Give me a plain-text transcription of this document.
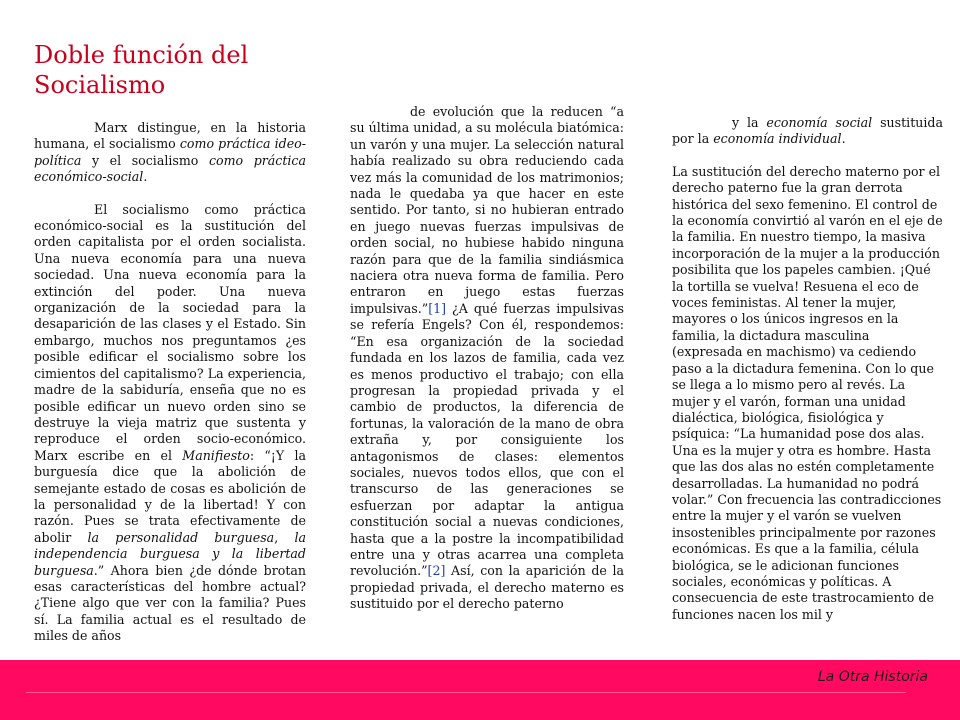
Doble función del
Socialismo

Marx distingue, en la historia humana, el socialismo como práctica ideo-política y el socialismo como práctica económico-social.

El socialismo como práctica económico-social es la sustitución del orden capitalista por el orden socialista. Una nueva economía para una nueva sociedad. Una nueva economía para la extinción del poder. Una nueva organización de la sociedad para la desaparición de las clases y el Estado. Sin embargo, muchos nos preguntamos ¿es posible edificar el socialismo sobre los cimientos del capitalismo? La experiencia, madre de la sabiduría, enseña que no es posible edificar un nuevo orden sino se destruye la vieja matriz que sustenta y reproduce el orden socio-económico. Marx escribe en el Manifiesto: “¡Y la burguesía dice que la abolición de semejante estado de cosas es abolición de la personalidad y de la libertad! Y con razón. Pues se trata efectivamente de abolir la personalidad burguesa, la independencia burguesa y la libertad burguesa.” Ahora bien ¿de dónde brotan esas características del hombre actual? ¿Tiene algo que ver con la familia? Pues sí. La familia actual es el resultado de miles de años

de evolución que la reducen “a su última unidad, a su molécula biatómica: un varón y una mujer. La selección natural había realizado su obra reduciendo cada vez más la comunidad de los matrimonios; nada le quedaba ya que hacer en este sentido. Por tanto, si no hubieran entrado en juego nuevas fuerzas impulsivas de orden social, no hubiese habido ninguna razón para que de la familia sindiásmica naciera otra nueva forma de familia. Pero entraron en juego estas fuerzas impulsivas.”[1] ¿A qué fuerzas impulsivas se refería Engels? Con él, respondemos: “En esa organización de la sociedad fundada en los lazos de familia, cada vez es menos productivo el trabajo; con ella progresan la propiedad privada y el cambio de productos, la diferencia de fortunas, la valoración de la mano de obra extraña y, por consiguiente los antagonismos de clases: elementos sociales, nuevos todos ellos, que con el transcurso de las generaciones se esfuerzan por adaptar la antigua constitución social a nuevas condiciones, hasta que a la postre la incompatibilidad entre una y otras acarrea una completa revolución.”[2] Así, con la aparición de la propiedad privada, el derecho materno es sustituido por el derecho paterno

y la economía social sustituida por la economía individual.

La sustitución del derecho materno por el derecho paterno fue la gran derrota histórica del sexo femenino. El control de la economía convirtió al varón en el eje de la familia. En nuestro tiempo, la masiva incorporación de la mujer a la producción posibilita que los papeles cambien. ¡Qué la tortilla se vuelva! Resuena el eco de voces feministas. Al tener la mujer, mayores o los únicos ingresos en la familia, la dictadura masculina (expresada en machismo) va cediendo paso a la dictadura femenina. Con lo que se llega a lo mismo pero al revés. La mujer y el varón, forman una unidad dialéctica, biológica, fisiológica y psíquica: “La humanidad pose dos alas. Una es la mujer y otra es hombre. Hasta que las dos alas no estén completamente desarrolladas. La humanidad no podrá volar.” Con frecuencia las contradicciones entre la mujer y el varón se vuelven insostenibles principalmente por razones económicas. Es que a la familia, célula biológica, se le adicionan funciones sociales, económicas y políticas. A consecuencia de este trastrocamiento de funciones nacen los mil y

La Otra Historia
